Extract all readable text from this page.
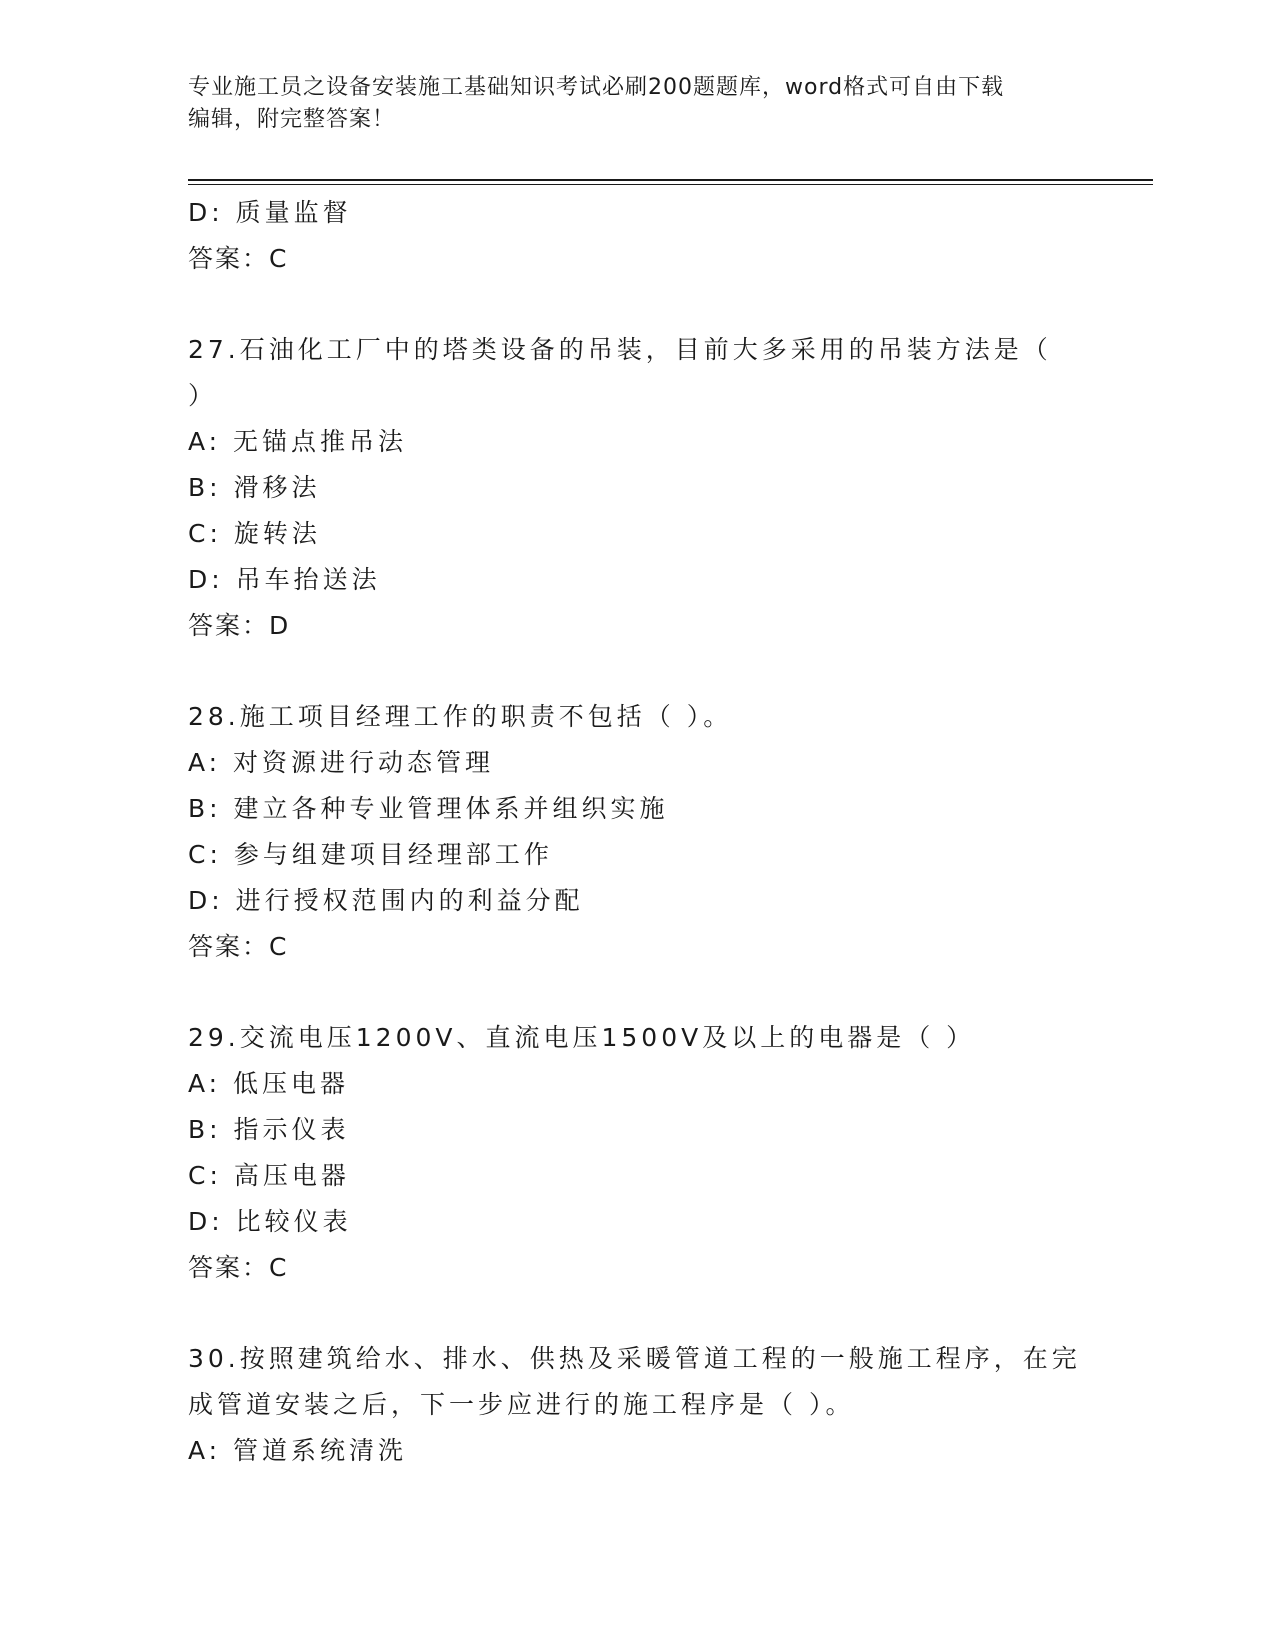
专业施工员之设备安装施工基础知识考试必刷200题题库，word格式可自由下载
编辑，附完整答案！
D: 质量监督
答案：C
27.石油化工厂中的塔类设备的吊装，目前大多采用的吊装方法是（
）
A: 无锚点推吊法
B: 滑移法
C: 旋转法
D: 吊车抬送法
答案：D
28.施工项目经理工作的职责不包括（ ）。
A: 对资源进行动态管理
B: 建立各种专业管理体系并组织实施
C: 参与组建项目经理部工作
D: 进行授权范围内的利益分配
答案：C
29.交流电压1200V、直流电压1500V及以上的电器是（ ）
A: 低压电器
B: 指示仪表
C: 高压电器
D: 比较仪表
答案：C
30.按照建筑给水、排水、供热及采暖管道工程的一般施工程序，在完
成管道安装之后，下一步应进行的施工程序是（ ）。
A: 管道系统清洗
